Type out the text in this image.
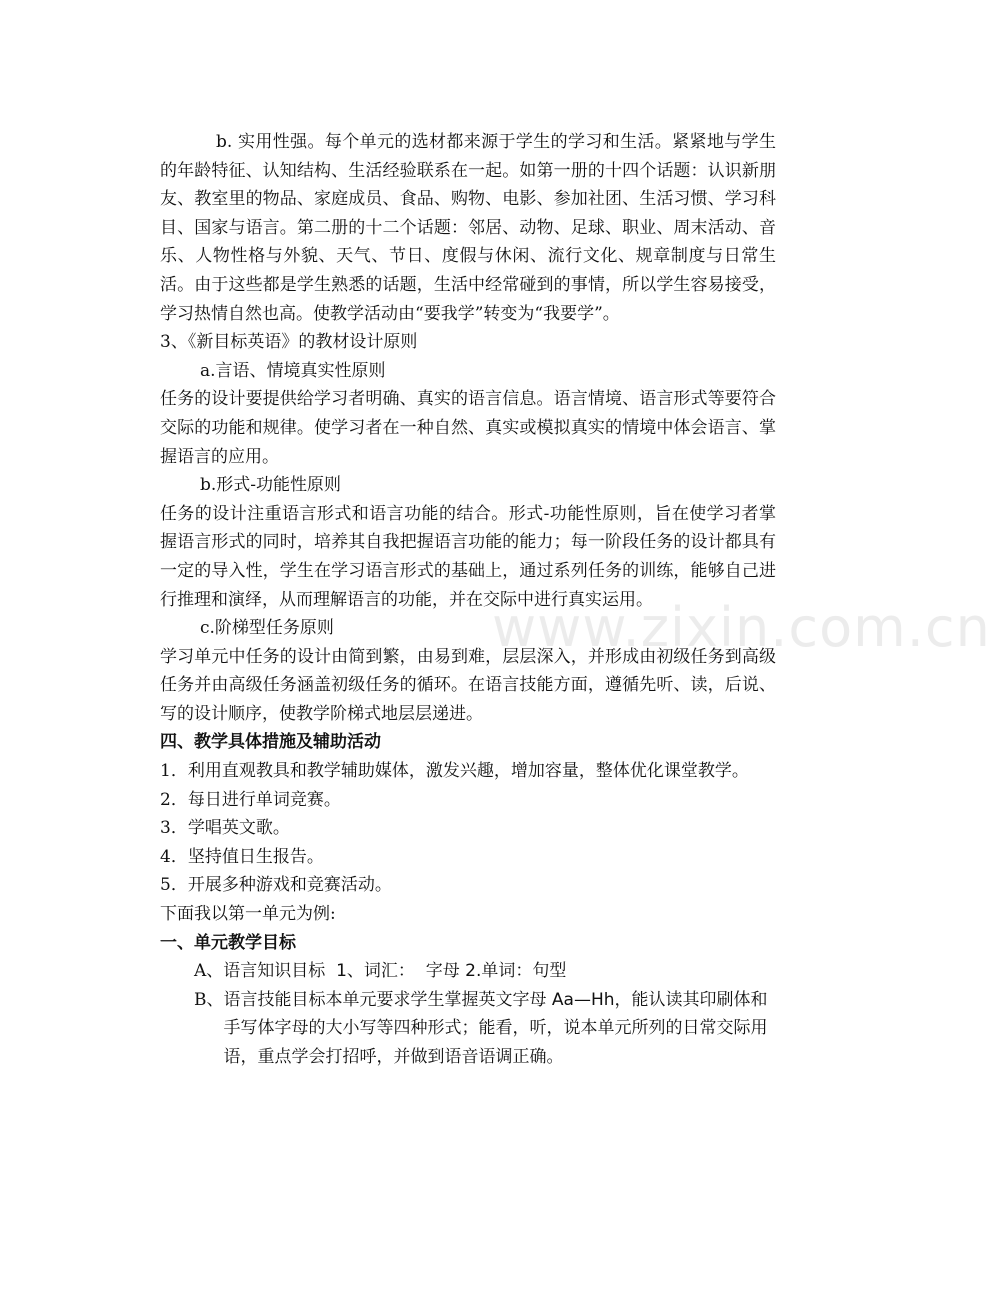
www.zixin.com.cn

b. 实用性强。每个单元的选材都来源于学生的学习和生活。紧紧地与学生的年龄特征、认知结构、生活经验联系在一起。如第一册的十四个话题：认识新朋友、教室里的物品、家庭成员、食品、购物、电影、参加社团、生活习惯、学习科目、国家与语言。第二册的十二个话题：邻居、动物、足球、职业、周末活动、音乐、人物性格与外貌、天气、节日、度假与休闲、流行文化、规章制度与日常生活。由于这些都是学生熟悉的话题，生活中经常碰到的事情，所以学生容易接受，学习热情自然也高。使教学活动由“要我学”转变为“我要学”。

3、《新目标英语》的教材设计原则

a.言语、情境真实性原则

任务的设计要提供给学习者明确、真实的语言信息。语言情境、语言形式等要符合交际的功能和规律。使学习者在一种自然、真实或模拟真实的情境中体会语言、掌握语言的应用。

b.形式-功能性原则

任务的设计注重语言形式和语言功能的结合。形式-功能性原则，旨在使学习者掌握语言形式的同时，培养其自我把握语言功能的能力；每一阶段任务的设计都具有一定的导入性，学生在学习语言形式的基础上，通过系列任务的训练，能够自己进行推理和演绎，从而理解语言的功能，并在交际中进行真实运用。

c.阶梯型任务原则

学习单元中任务的设计由简到繁，由易到难，层层深入，并形成由初级任务到高级任务并由高级任务涵盖初级任务的循环。在语言技能方面，遵循先听、读，后说、写的设计顺序，使教学阶梯式地层层递进。

四、教学具体措施及辅助活动

1．利用直观教具和教学辅助媒体，激发兴趣，增加容量，整体优化课堂教学。

2．每日进行单词竞赛。

3．学唱英文歌。

4．坚持值日生报告。

5．开展多种游戏和竞赛活动。

下面我以第一单元为例:

一、单元教学目标

A、 语言知识目标  1、词汇：  字母 2.单词：句型
B、 语言技能目标本单元要求学生掌握英文字母 Aa—Hh，能认读其印刷体和手写体字母的大小写等四种形式；能看，听，说本单元所列的日常交际用语，重点学会打招呼，并做到语音语调正确。
